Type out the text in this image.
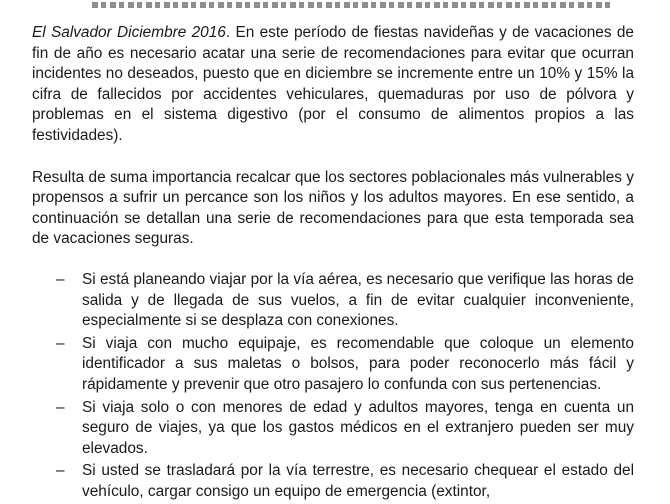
El Salvador Diciembre 2016. En este período de fiestas navideñas y de vacaciones de fin de año es necesario acatar una serie de recomendaciones para evitar que ocurran incidentes no deseados, puesto que en diciembre se incremente entre un 10% y 15% la cifra de fallecidos por accidentes vehiculares, quemaduras por uso de pólvora y problemas en el sistema digestivo (por el consumo de alimentos propios a las festividades).

Resulta de suma importancia recalcar que los sectores poblacionales más vulnerables y propensos a sufrir un percance son los niños y los adultos mayores. En ese sentido, a continuación se detallan una serie de recomendaciones para que esta temporada sea de vacaciones seguras.

– Si está planeando viajar por la vía aérea, es necesario que verifique las horas de salida y de llegada de sus vuelos, a fin de evitar cualquier inconveniente, especialmente si se desplaza con conexiones.
– Si viaja con mucho equipaje, es recomendable que coloque un elemento identificador a sus maletas o bolsos, para poder reconocerlo más fácil y rápidamente y prevenir que otro pasajero lo confunda con sus pertenencias.
– Si viaja solo o con menores de edad y adultos mayores, tenga en cuenta un seguro de viajes, ya que los gastos médicos en el extranjero pueden ser muy elevados.
– Si usted se trasladará por la vía terrestre, es necesario chequear el estado del vehículo, cargar consigo un equipo de emergencia (extintor,
